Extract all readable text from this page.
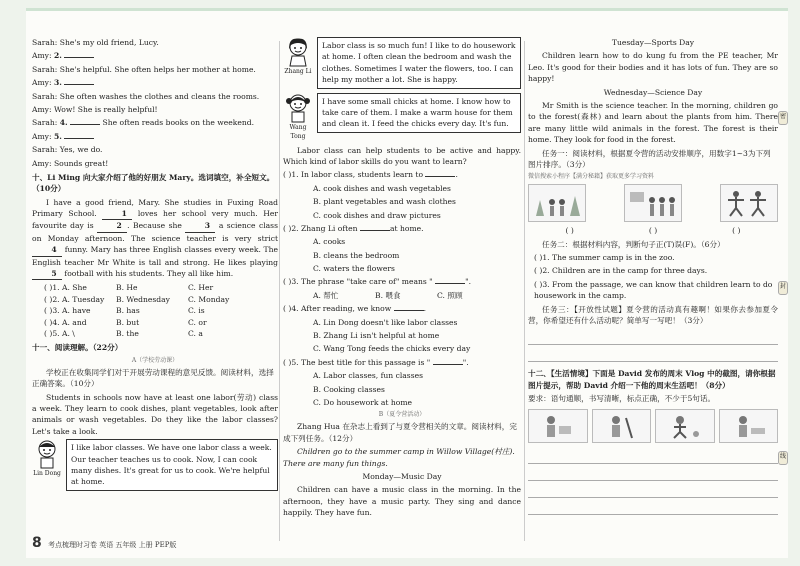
Sarah: She's my old friend, Lucy.

Amy: 2.

Sarah: She's helpful. She often helps her mother at home.

Amy: 3.

Sarah: She often washes the clothes and cleans the rooms.

Amy: Wow! She is really helpful!

Sarah: 4.	She often reads books on the weekend.

Amy: 5.

Sarah: Yes, we do.

Amy: Sounds great!

十、Li Ming 向大家介绍了他的好朋友 Mary。选词填空，补全短文。（10分）

I have a good friend, Mary. She studies in Fuxing Road Primary School.	1 loves her school very much. Her favourite day is	2 . Because she	3 a science class on Monday afternoon. The science teacher is very strict 4 funny. Mary has three English classes every week. The English teacher Mr White is tall and strong. He likes playing 5 football with his students. They all like him.

( )1. A. She	B. He	C. Her
( )2. A. Tuesday	B. Wednesday	C. Monday
( )3. A. have	B. has	C. is
( )4. A. and	B. but	C. or
( )5. A. \	B. the	C. a

十一、阅读理解。（22分）

A（学校劳动课）

学校正在收集同学们对于开展劳动课程的意见反馈。阅读材料，选择正确答案。（10分）

Students in schools now have at least one labor(劳动) class a week. They learn to cook dishes, plant vegetables, look after animals or wash vegetables. Do they like the labor classes? Let's take a look.

Lin Dong
I like labor classes. We have one labor class a week. Our teacher teaches us to cook. Now, I can cook many dishes. It's great for us to cook. We're helpful at home.
Zhang Li
Labor class is so much fun! I like to do housework at home. I often clean the bedroom and wash the clothes. Sometimes I water the flowers, too. I can help my mother a lot. She is happy.
Wang Tong
I have some small chicks at home. I know how to take care of them. I make a warm house for them and clean it. I feed the chicks every day. It's fun.

Labor class can help students to be active and happy. Which kind of labor skills do you want to learn?

( )1. In labor class, students learn to	.

A. cook dishes and wash vegetables

B. plant vegetables and wash clothes

C. cook dishes and draw pictures

( )2. Zhang Li often	at home.

A. cooks

B. cleans the bedroom

C. waters the flowers

( )3. The phrase "take care of" means "	".

A. 帮忙	B. 喂食	C. 照顾

( )4. After reading, we know	.

A. Lin Dong doesn't like labor classes

B. Zhang Li isn't helpful at home

C. Wang Tong feeds the chicks every day

( )5. The best title for this passage is "	".

A. Labor classes, fun classes

B. Cooking classes

C. Do housework at home

B（夏令营活动）

Zhang Hua 在杂志上看到了与夏令营相关的文章。阅读材料，完成下列任务。（12分）

Children go to the summer camp in Willow Village(村庄). There are many fun things.

Monday—Music Day

Children can have a music class in the morning. In the afternoon, they have a music party. They sing and dance happily. They have fun.

Tuesday—Sports Day

Children learn how to do kung fu from the PE teacher, Mr Leo. It's good for their bodies and it has lots of fun. They are so happy!

Wednesday—Science Day

Mr Smith is the science teacher. In the morning, children go to the forest(森林) and learn about the plants from him. There are many little wild animals in the forest. The forest is their home. They look for food in the forest.

任务一：阅读材料，根据夏令营的活动安排顺序，用数字1~3为下列图片排序。（3分）

微信搜索小程序【满分秘籍】获取更多学习资料

( )	( )	( )

任务二：根据材料内容，判断句子正(T)误(F)。（6分）

( )1. The summer camp is in the zoo.

( )2. Children are in the camp for three days.

( )3. From the passage, we can know that children learn to do housework in the camp.

任务三：【开放性试题】夏令营的活动真有趣啊！如果你去参加夏令营，你希望还有什么活动呢？简单写一写吧！（3分）

十二、【生活情境】下面是 David 发布的周末 Vlog 中的截图，请你根据图片提示，帮助 David 介绍一下他的周末生活吧！（8分）

要求：语句通顺，书写清晰，标点正确，不少于5句话。

密
封
线
8 考点梳理时习卷 英语 五年级 上册 PEP版
